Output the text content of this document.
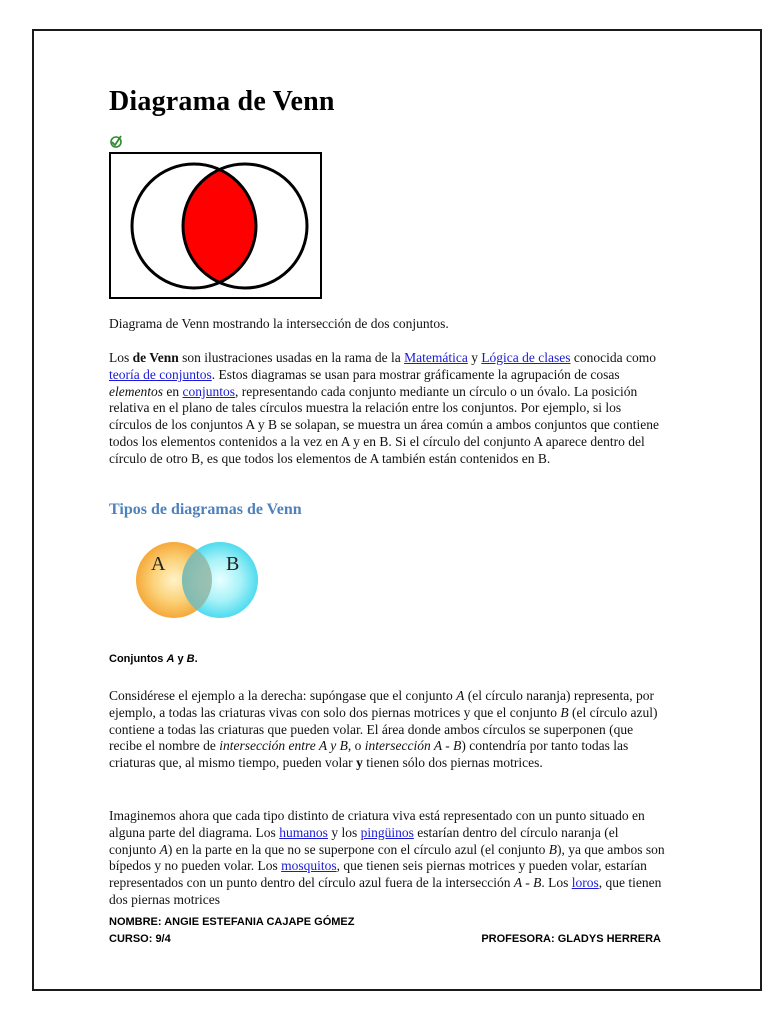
Diagrama de Venn

Diagrama de Venn mostrando la intersección de dos conjuntos.

Los de Venn son ilustraciones usadas en la rama de la Matemática y Lógica de clases conocida como teoría de conjuntos. Estos diagramas se usan para mostrar gráficamente la agrupación de cosas elementos en conjuntos, representando cada conjunto mediante un círculo o un óvalo. La posición relativa en el plano de tales círculos muestra la relación entre los conjuntos. Por ejemplo, si los círculos de los conjuntos A y B se solapan, se muestra un área común a ambos conjuntos que contiene todos los elementos contenidos a la vez en A y en B. Si el círculo del conjunto A aparece dentro del círculo de otro B, es que todos los elementos de A también están contenidos en B.

Tipos de diagramas de Venn
A	B

Conjuntos A y B.

Considérese el ejemplo a la derecha: supóngase que el conjunto A (el círculo naranja) representa, por ejemplo, a todas las criaturas vivas con solo dos piernas motrices y que el conjunto B (el círculo azul) contiene a todas las criaturas que pueden volar. El área donde ambos círculos se superponen (que recibe el nombre de intersección entre A y B, o intersección A - B) contendría por tanto todas las criaturas que, al mismo tiempo, pueden volar y tienen sólo dos piernas motrices.

Imaginemos ahora que cada tipo distinto de criatura viva está representado con un punto situado en alguna parte del diagrama. Los humanos y los pingüinos estarían dentro del círculo naranja (el conjunto A) en la parte en la que no se superpone con el círculo azul (el conjunto B), ya que ambos son bípedos y no pueden volar. Los mosquitos, que tienen seis piernas motrices y pueden volar, estarían representados con un punto dentro del círculo azul fuera de la intersección A - B. Los loros, que tienen dos piernas motrices

NOMBRE: ANGIE ESTEFANIA CAJAPE GÓMEZ

CURSO: 9/4	PROFESORA: GLADYS HERRERA
